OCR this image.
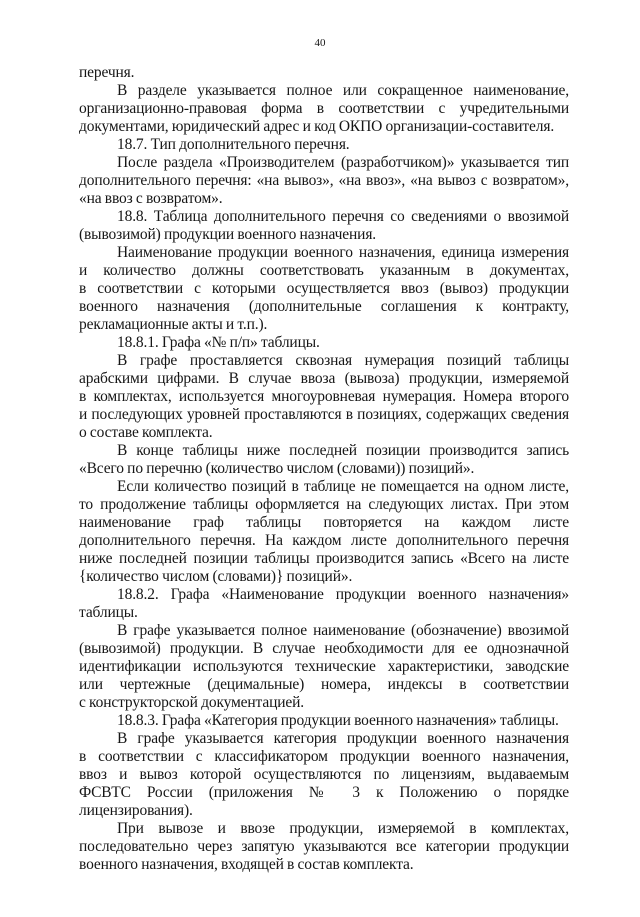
40
перечня.
В разделе указывается полное или сокращенное наименование,
организационно-правовая форма в соответствии с учредительными
документами, юридический адрес и код ОКПО организации-составителя.
18.7. Тип дополнительного перечня.
После раздела «Производителем (разработчиком)» указывается тип
дополнительного перечня: «на вывоз», «на ввоз», «на вывоз с возвратом»,
«на ввоз с возвратом».
18.8. Таблица дополнительного перечня со сведениями о ввозимой
(вывозимой) продукции военного назначения.
Наименование продукции военного назначения, единица измерения
и количество должны соответствовать указанным в документах,
в соответствии с которыми осуществляется ввоз (вывоз) продукции
военного назначения (дополнительные соглашения к контракту,
рекламационные акты и т.п.).
18.8.1. Графа «№ п/п» таблицы.
В графе проставляется сквозная нумерация позиций таблицы
арабскими цифрами. В случае ввоза (вывоза) продукции, измеряемой
в комплектах, используется многоуровневая нумерация. Номера второго
и последующих уровней проставляются в позициях, содержащих сведения
о составе комплекта.
В конце таблицы ниже последней позиции производится запись
«Всего по перечню (количество числом (словами)) позиций».
Если количество позиций в таблице не помещается на одном листе,
то продолжение таблицы оформляется на следующих листах. При этом
наименование граф таблицы повторяется на каждом листе
дополнительного перечня. На каждом листе дополнительного перечня
ниже последней позиции таблицы производится запись «Всего на листе
{количество числом (словами)} позиций».
18.8.2. Графа «Наименование продукции военного назначения»
таблицы.
В графе указывается полное наименование (обозначение) ввозимой
(вывозимой) продукции. В случае необходимости для ее однозначной
идентификации используются технические характеристики, заводские
или чертежные (децимальные) номера, индексы в соответствии
с конструкторской документацией.
18.8.3. Графа «Категория продукции военного назначения» таблицы.
В графе указывается категория продукции военного назначения
в соответствии с классификатором продукции военного назначения,
ввоз и вывоз которой осуществляются по лицензиям, выдаваемым
ФСВТС России (приложения № 3 к Положению о порядке
лицензирования).
При вывозе и ввозе продукции, измеряемой в комплектах,
последовательно через запятую указываются все категории продукции
военного назначения, входящей в состав комплекта.
